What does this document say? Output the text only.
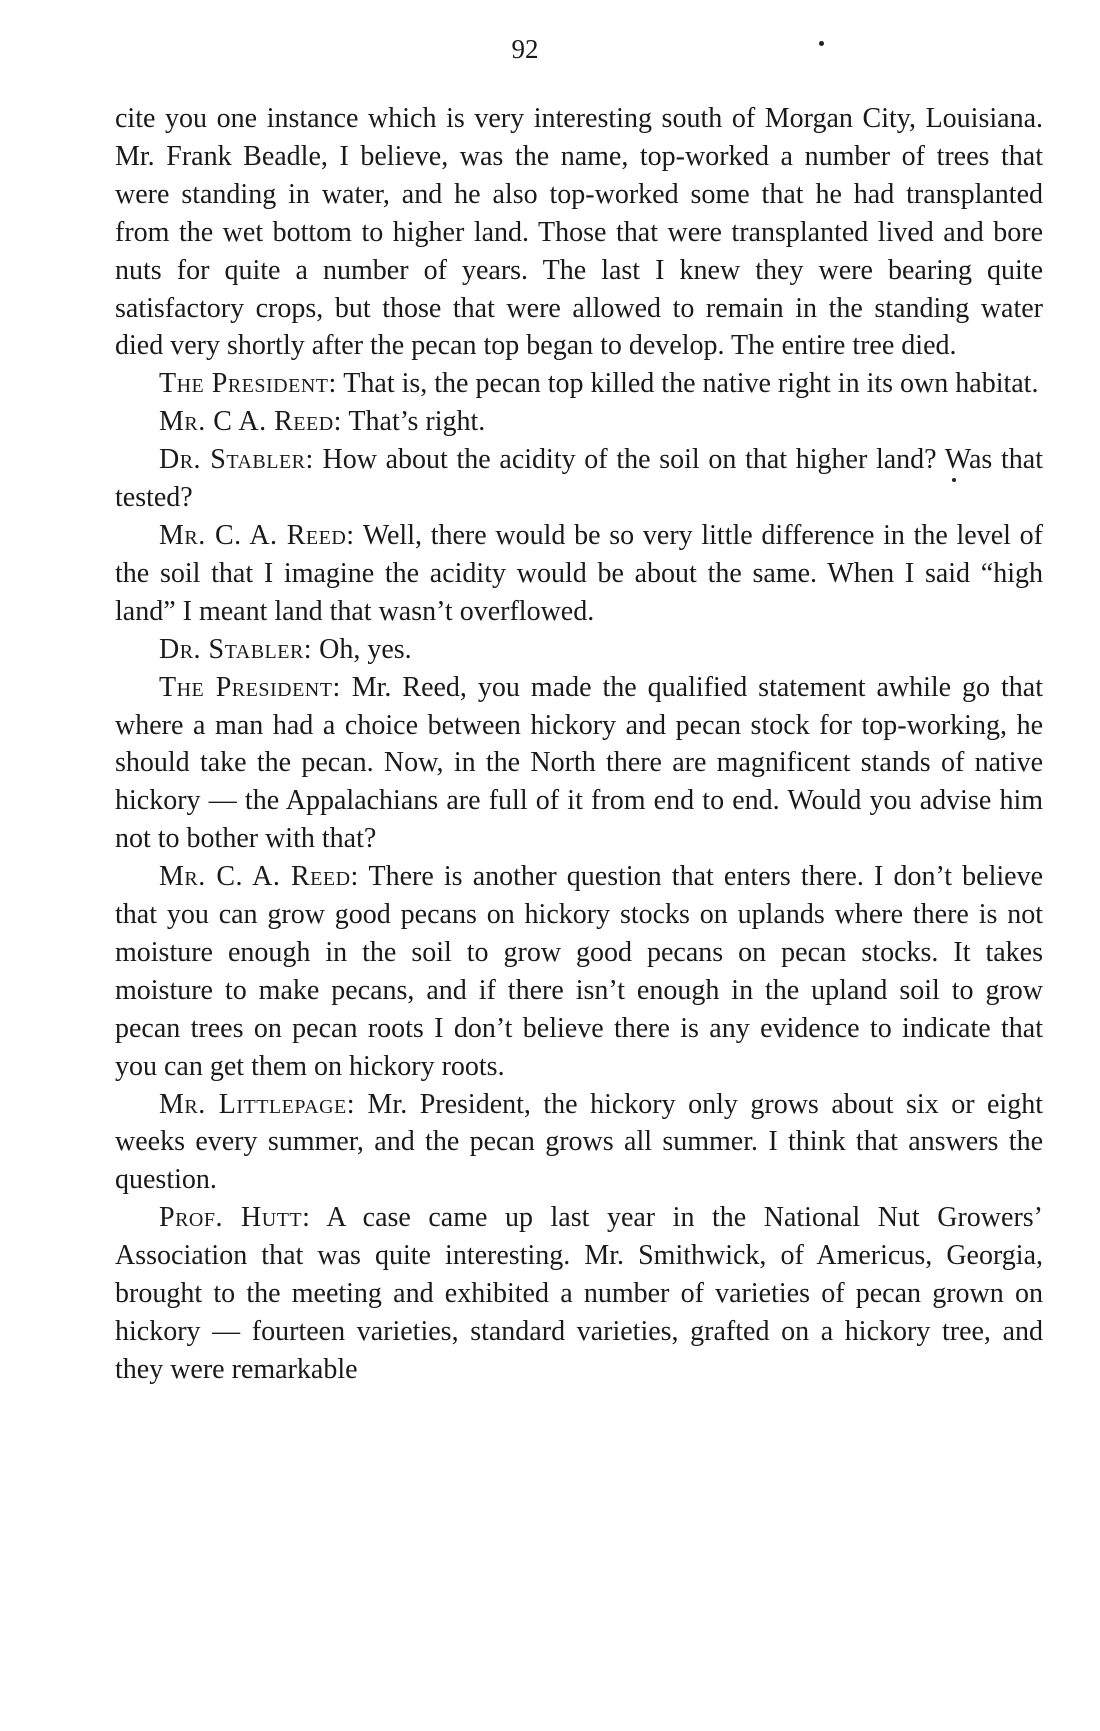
92

cite you one instance which is very interesting south of Morgan City, Louisiana. Mr. Frank Beadle, I believe, was the name, top-worked a number of trees that were standing in water, and he also top-worked some that he had transplanted from the wet bottom to higher land. Those that were transplanted lived and bore nuts for quite a number of years. The last I knew they were bearing quite satisfactory crops, but those that were allowed to remain in the standing water died very shortly after the pecan top began to develop. The entire tree died.

The President: That is, the pecan top killed the native right in its own habitat.

Mr. C A. Reed: That’s right.

Dr. Stabler: How about the acidity of the soil on that higher land? Was that tested?

Mr. C. A. Reed: Well, there would be so very little difference in the level of the soil that I imagine the acidity would be about the same. When I said “high land” I meant land that wasn’t overflowed.

Dr. Stabler: Oh, yes.

The President: Mr. Reed, you made the qualified statement awhile go that where a man had a choice between hickory and pecan stock for top-working, he should take the pecan. Now, in the North there are magnificent stands of native hickory — the Appalachians are full of it from end to end. Would you advise him not to bother with that?

Mr. C. A. Reed: There is another question that enters there. I don’t believe that you can grow good pecans on hickory stocks on uplands where there is not moisture enough in the soil to grow good pecans on pecan stocks. It takes moisture to make pecans, and if there isn’t enough in the upland soil to grow pecan trees on pecan roots I don’t believe there is any evidence to indicate that you can get them on hickory roots.

Mr. Littlepage: Mr. President, the hickory only grows about six or eight weeks every summer, and the pecan grows all summer. I think that answers the question.

Prof. Hutt: A case came up last year in the National Nut Growers’ Association that was quite interesting. Mr. Smithwick, of Americus, Georgia, brought to the meeting and exhibited a number of varieties of pecan grown on hickory — fourteen varieties, standard varieties, grafted on a hickory tree, and they were remarkable
